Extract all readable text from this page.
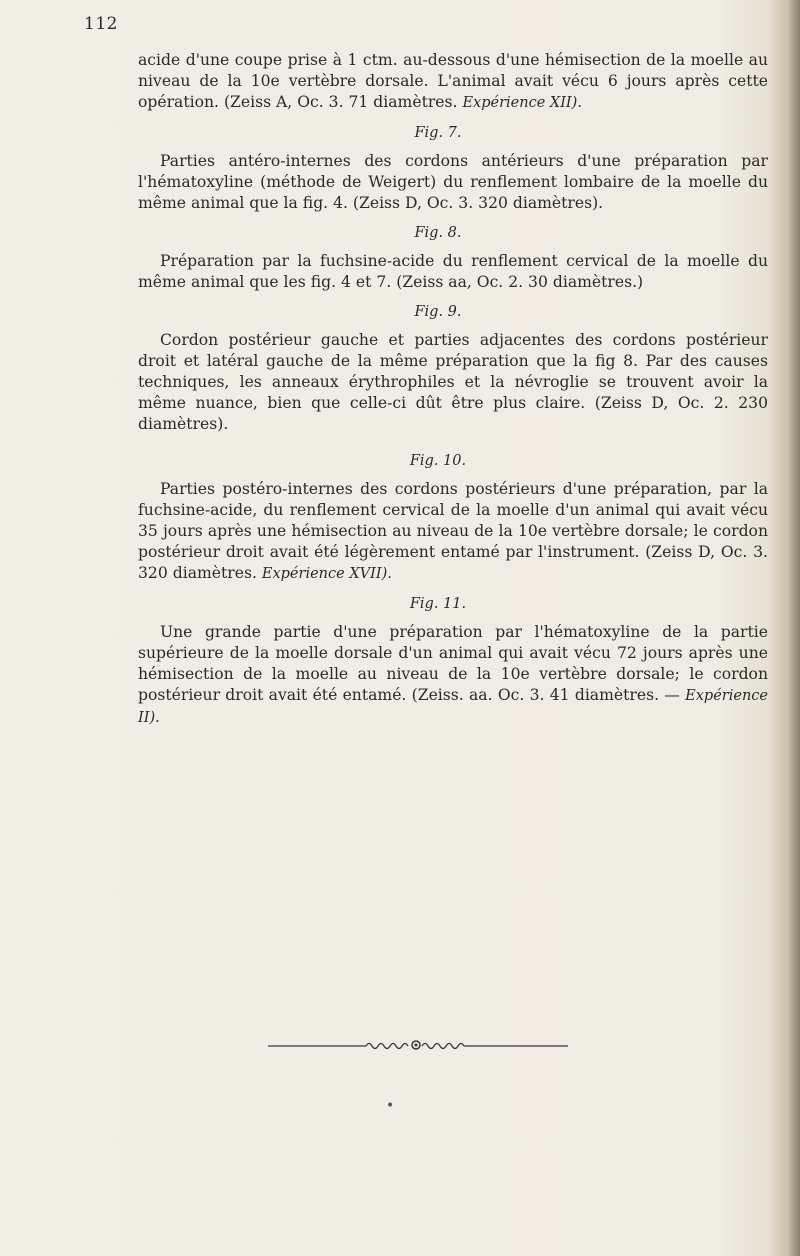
112

acide d'une coupe prise à 1 ctm. au-dessous d'une hémisection de la moelle au niveau de la 10e vertèbre dorsale. L'animal avait vécu 6 jours après cette opération. (Zeiss A, Oc. 3. 71 diamètres. Expérience XII).

Fig. 7.

Parties antéro-internes des cordons antérieurs d'une préparation par l'hématoxyline (méthode de Weigert) du renflement lombaire de la moelle du même animal que la fig. 4. (Zeiss D, Oc. 3. 320 diamètres).

Fig. 8.

Préparation par la fuchsine-acide du renflement cervical de la moelle du même animal que les fig. 4 et 7. (Zeiss aa, Oc. 2. 30 diamètres.)

Fig. 9.

Cordon postérieur gauche et parties adjacentes des cordons postérieur droit et latéral gauche de la même préparation que la fig 8. Par des causes techniques, les anneaux érythrophiles et la névroglie se trouvent avoir la même nuance, bien que celle-ci dût être plus claire. (Zeiss D, Oc. 2. 230 diamètres).

Fig. 10.

Parties postéro-internes des cordons postérieurs d'une préparation, par la fuchsine-acide, du renflement cervical de la moelle d'un animal qui avait vécu 35 jours après une hémisection au niveau de la 10e vertèbre dorsale; le cordon postérieur droit avait été légèrement entamé par l'instrument. (Zeiss D, Oc. 3. 320 diamètres. Expérience XVII).

Fig. 11.

Une grande partie d'une préparation par l'hématoxyline de la partie supérieure de la moelle dorsale d'un animal qui avait vécu 72 jours après une hémisection de la moelle au niveau de la 10e vertèbre dorsale; le cordon postérieur droit avait été entamé. (Zeiss. aa. Oc. 3. 41 diamètres. — Expérience II).

•
